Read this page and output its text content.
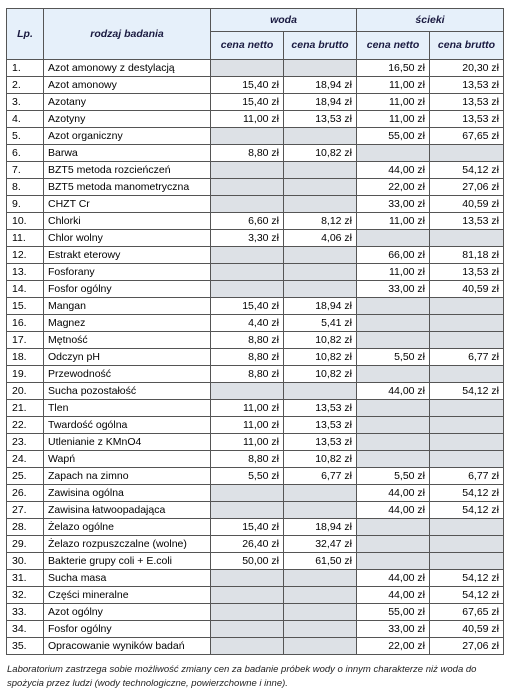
Lp.	rodzaj badania	woda		ścieki	
		cena netto	cena brutto	cena netto	cena brutto
1.	Azot amonowy z destylacją			16,50 zł	20,30 zł
2.	Azot amonowy	15,40 zł	18,94 zł	11,00 zł	13,53 zł
3.	Azotany	15,40 zł	18,94 zł	11,00 zł	13,53 zł
4.	Azotyny	11,00 zł	13,53 zł	11,00 zł	13,53 zł
5.	Azot organiczny			55,00 zł	67,65 zł
6.	Barwa	8,80 zł	10,82 zł		
7.	BZT5 metoda rozcieńczeń			44,00 zł	54,12 zł
8.	BZT5 metoda manometryczna			22,00 zł	27,06 zł
9.	CHZT Cr			33,00 zł	40,59 zł
10.	Chlorki	6,60 zł	8,12 zł	11,00 zł	13,53 zł
11.	Chlor wolny	3,30 zł	4,06 zł		
12.	Estrakt eterowy			66,00 zł	81,18 zł
13.	Fosforany			11,00 zł	13,53 zł
14.	Fosfor ogólny			33,00 zł	40,59 zł
15.	Mangan	15,40 zł	18,94 zł		
16.	Magnez	4,40 zł	5,41 zł		
17.	Mętność	8,80 zł	10,82 zł		
18.	Odczyn pH	8,80 zł	10,82 zł	5,50 zł	6,77 zł
19.	Przewodność	8,80 zł	10,82 zł		
20.	Sucha pozostałość			44,00 zł	54,12 zł
21.	Tlen	11,00 zł	13,53 zł		
22.	Twardość ogólna	11,00 zł	13,53 zł		
23.	Utlenianie z KMnO4	11,00 zł	13,53 zł		
24.	Wapń	8,80 zł	10,82 zł		
25.	Zapach na zimno	5,50 zł	6,77 zł	5,50 zł	6,77 zł
26.	Zawisina ogólna			44,00 zł	54,12 zł
27.	Zawisina łatwoopadająca			44,00 zł	54,12 zł
28.	Żelazo ogólne	15,40 zł	18,94 zł		
29.	Żelazo rozpuszczalne (wolne)	26,40 zł	32,47 zł		
30.	Bakterie grupy coli + E.coli	50,00 zł	61,50 zł		
31.	Sucha masa			44,00 zł	54,12 zł
32.	Części mineralne			44,00 zł	54,12 zł
33.	Azot ogólny			55,00 zł	67,65 zł
34.	Fosfor ogólny			33,00 zł	40,59 zł
35.	Opracowanie wyników badań			22,00 zł	27,06 zł
Laboratorium zastrzega sobie możliwość zmiany cen za badanie próbek wody o innym charakterze niż woda do spożycia przez ludzi (wody technologiczne, powierzchowne i inne).
